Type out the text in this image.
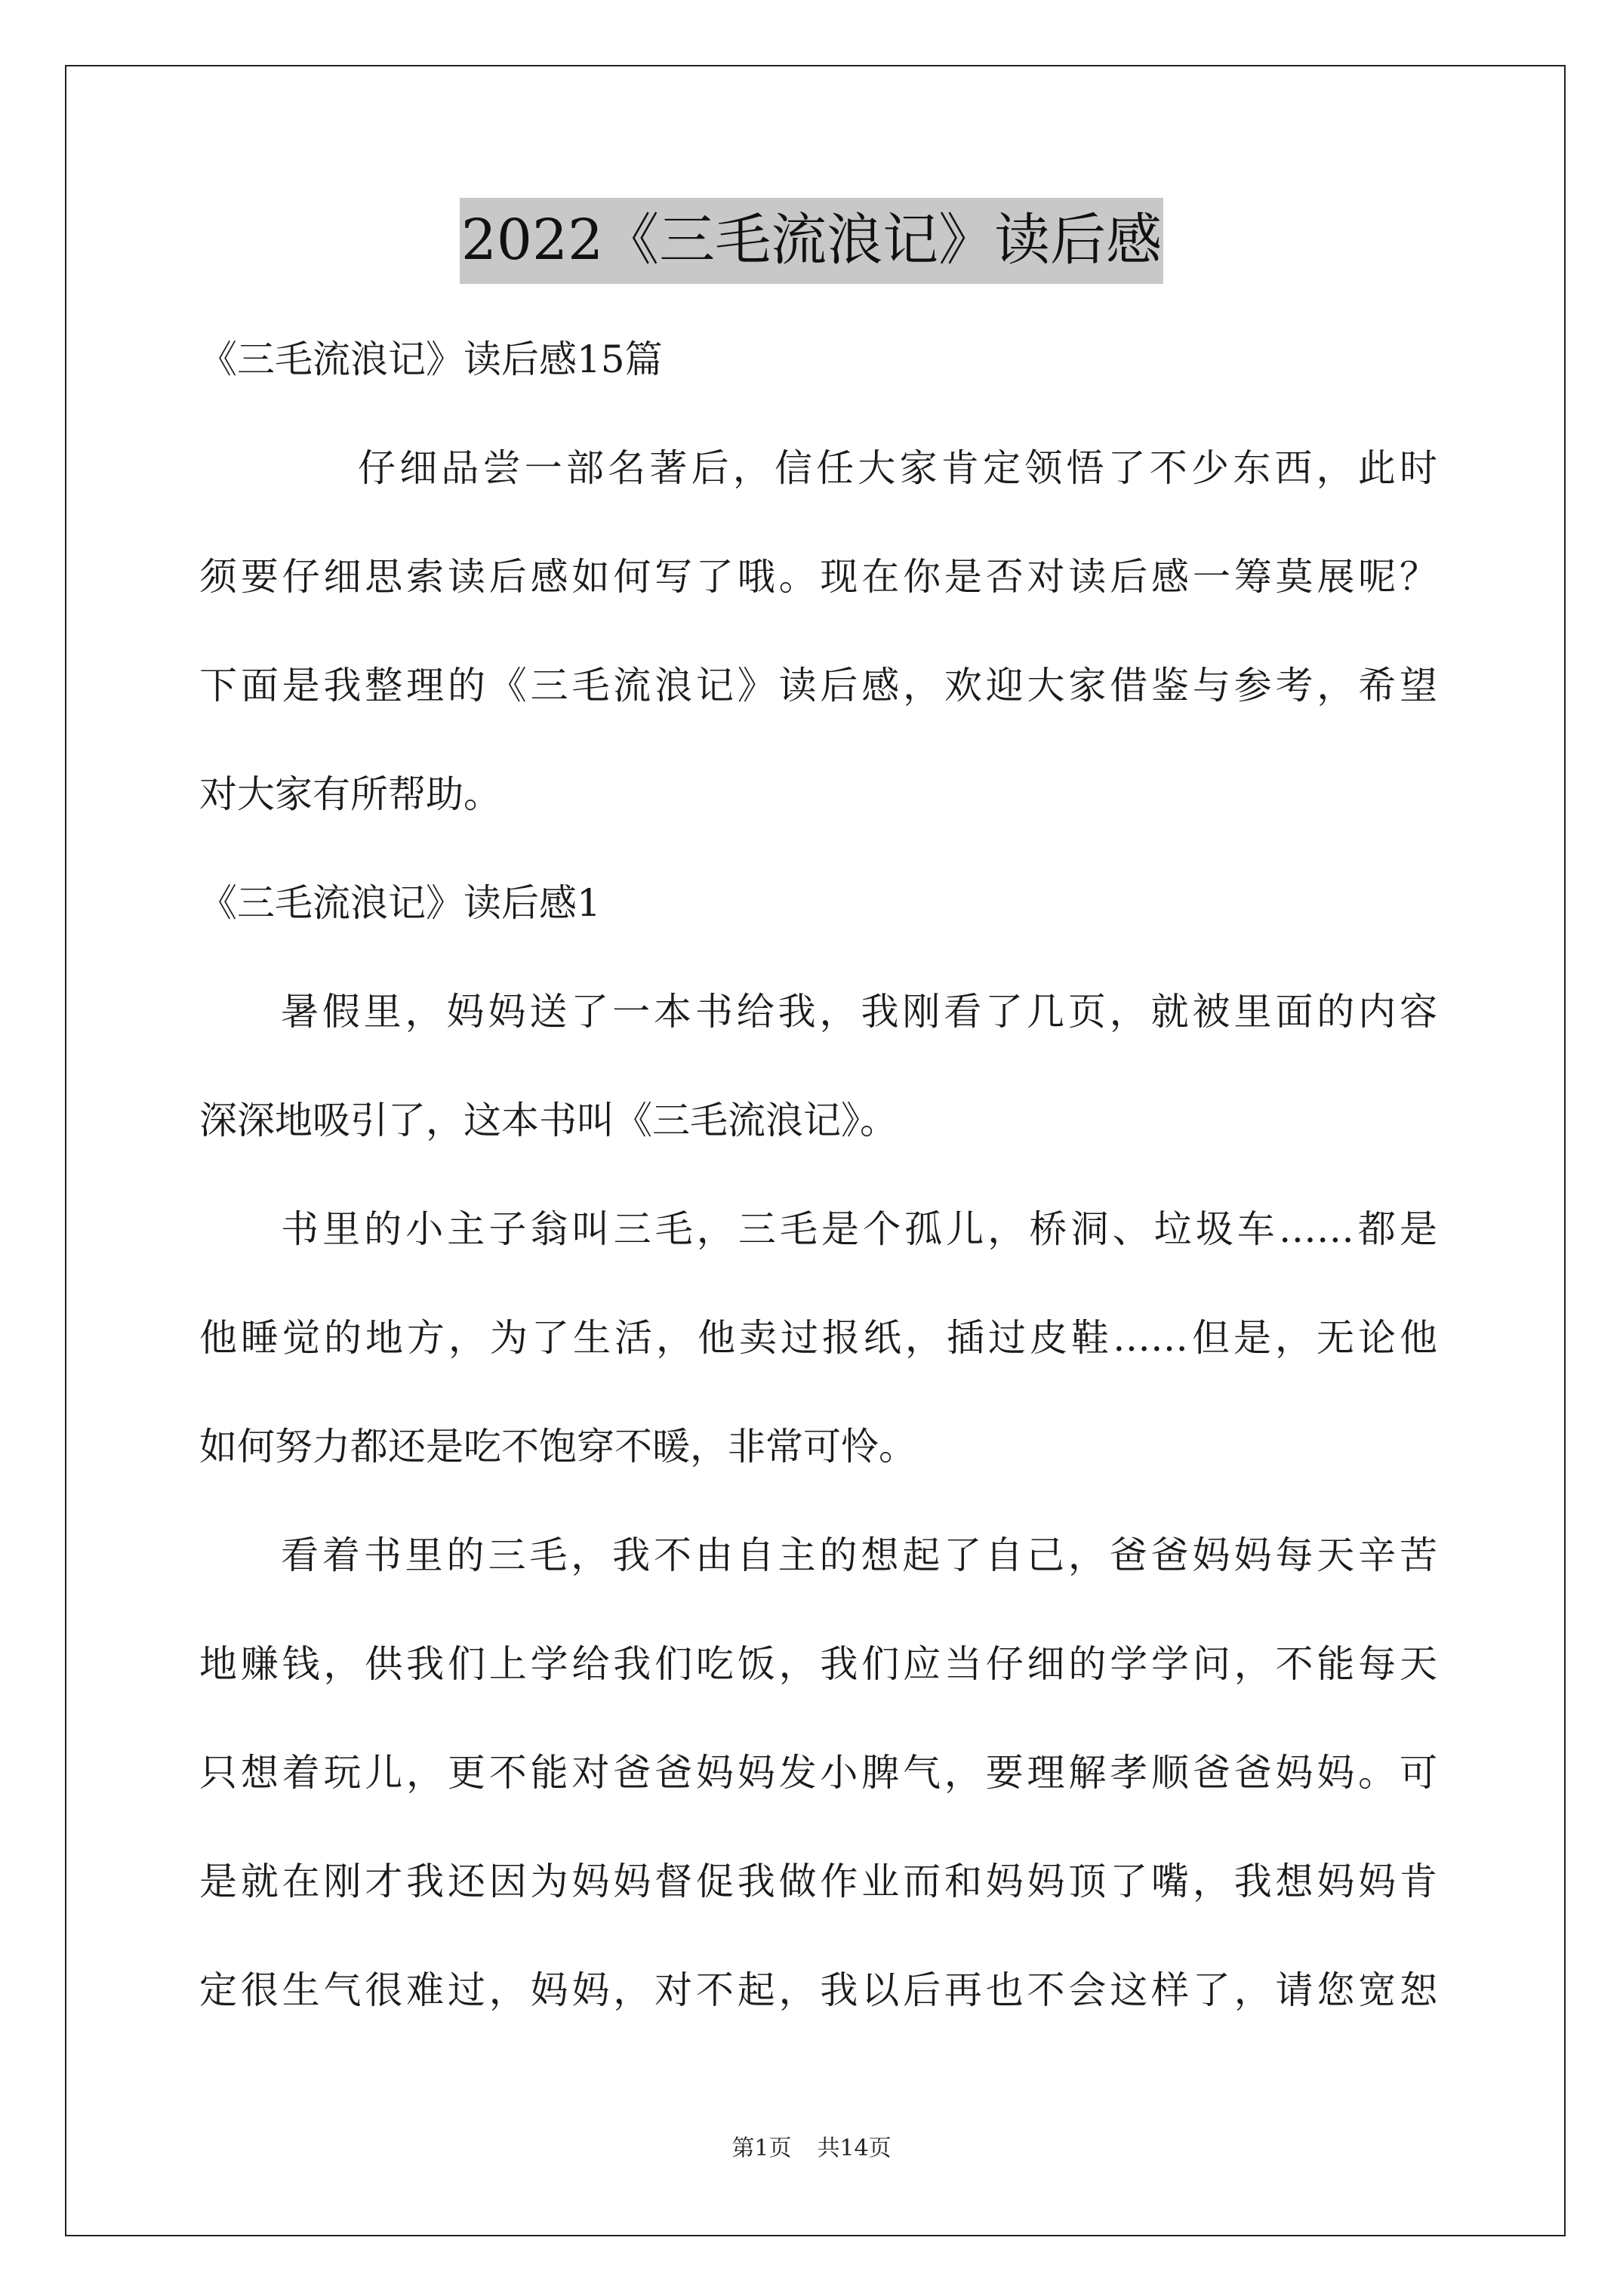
2022《三毛流浪记》读后感
《三毛流浪记》读后感15篇
仔细品尝一部名著后，信任大家肯定领悟了不少东西，此时
须要仔细思索读后感如何写了哦。现在你是否对读后感一筹莫展呢？
下面是我整理的《三毛流浪记》读后感，欢迎大家借鉴与参考，希望
对大家有所帮助。
《三毛流浪记》读后感1
暑假里，妈妈送了一本书给我，我刚看了几页，就被里面的内容
深深地吸引了，这本书叫《三毛流浪记》。
书里的小主子翁叫三毛，三毛是个孤儿，桥洞、垃圾车……都是
他睡觉的地方，为了生活，他卖过报纸，插过皮鞋……但是，无论他
如何努力都还是吃不饱穿不暖，非常可怜。
看着书里的三毛，我不由自主的想起了自己，爸爸妈妈每天辛苦
地赚钱，供我们上学给我们吃饭，我们应当仔细的学学问，不能每天
只想着玩儿，更不能对爸爸妈妈发小脾气，要理解孝顺爸爸妈妈。可
是就在刚才我还因为妈妈督促我做作业而和妈妈顶了嘴，我想妈妈肯
定很生气很难过，妈妈，对不起，我以后再也不会这样了，请您宽恕
第1页 共14页
